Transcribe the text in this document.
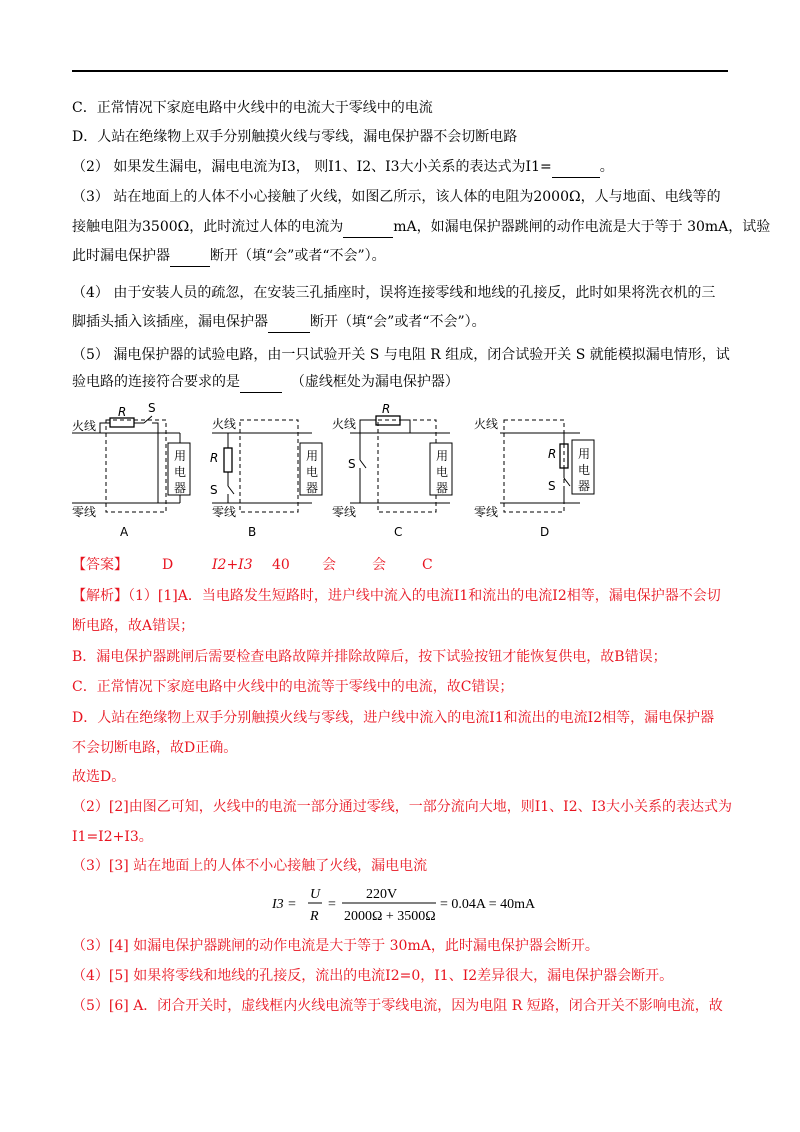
C．正常情况下家庭电路中火线中的电流大于零线中的电流
D．人站在绝缘物上双手分别触摸火线与零线，漏电保护器不会切断电路
（2） 如果发生漏电，漏电电流为I3， 则I1、I2、I3大小关系的表达式为I1=	。
（3） 站在地面上的人体不小心接触了火线，如图乙所示，该人体的电阻为2000Ω，人与地面、电线等的
接触电阻为3500Ω，此时流过人体的电流为	mA，如漏电保护器跳闸的动作电流是大于等于 30mA，试验
此时漏电保护器	断开（填“会”或者“不会”）。
（4） 由于安装人员的疏忽，在安装三孔插座时，误将连接零线和地线的孔接反，此时如果将洗衣机的三
脚插头插入该插座，漏电保护器	断开（填“会”或者“不会”）。
（5） 漏电保护器的试验电路，由一只试验开关 S 与电阻 R 组成，闭合试验开关 S 就能模拟漏电情形，试
验电路的连接符合要求的是	（虚线框处为漏电保护器）
火线
零线
R S
用
电
器
A
火线
零线
R
S
用
电
器
B
火线
零线
R
S
用
电
器
C
火线
零线
R
S
用
电
器
D
【答案】 D	I2+I3 40 会	会	C
【解析】（1）[1]A．当电路发生短路时，进户线中流入的电流I1和流出的电流I2相等，漏电保护器不会切
断电路，故A错误；
B．漏电保护器跳闸后需要检查电路故障并排除故障后，按下试验按钮才能恢复供电，故B错误；
C．正常情况下家庭电路中火线中的电流等于零线中的电流，故C错误；
D．人站在绝缘物上双手分别触摸火线与零线，进户线中流入的电流I1和流出的电流I2相等，漏电保护器
不会切断电路，故D正确。
故选D。
（2）[2]由图乙可知，火线中的电流一部分通过零线，一部分流向大地，则I1、I2、I3大小关系的表达式为
I1=I2+I3。
（3）[3] 站在地面上的人体不小心接触了火线，漏电电流
I3 =
U
R
=
220V
2000Ω + 3500Ω
= 0.04A = 40mA
（3）[4] 如漏电保护器跳闸的动作电流是大于等于 30mA，此时漏电保护器会断开。
（4）[5] 如果将零线和地线的孔接反，流出的电流I2=0，I1、I2差异很大，漏电保护器会断开。
（5）[6] A．闭合开关时，虚线框内火线电流等于零线电流，因为电阻 R 短路，闭合开关不影响电流，故
